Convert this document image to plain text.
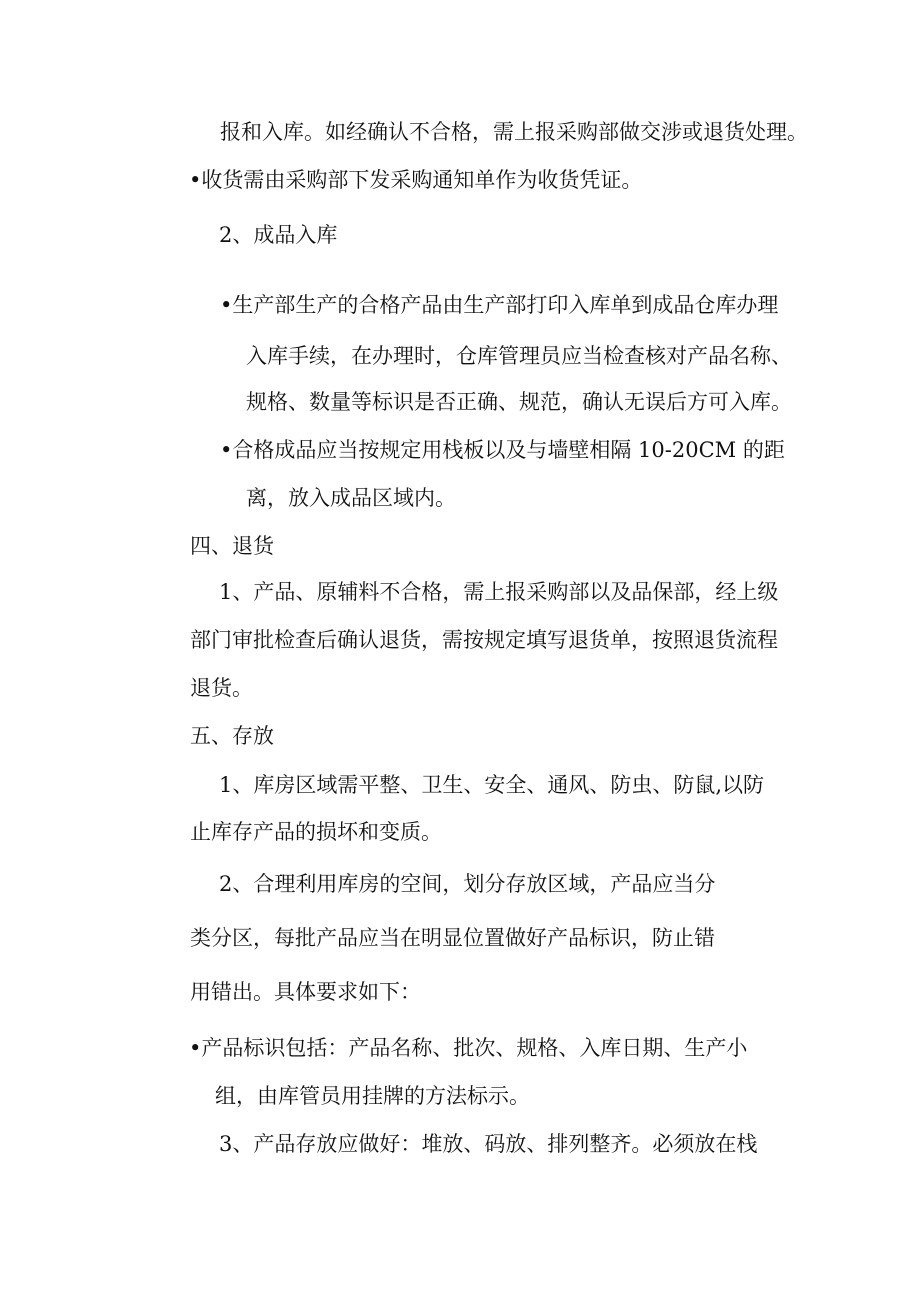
报和入库。如经确认不合格，需上报采购部做交涉或退货处理。

•收货需由采购部下发采购通知单作为收货凭证。

2、成品入库

•生产部生产的合格产品由生产部打印入库单到成品仓库办理

入库手续，在办理时，仓库管理员应当检查核对产品名称、

规格、数量等标识是否正确、规范，确认无误后方可入库。

•合格成品应当按规定用栈板以及与墙壁相隔 10-20CM 的距

离，放入成品区域内。

四、退货

1、产品、原辅料不合格，需上报采购部以及品保部，经上级

部门审批检查后确认退货，需按规定填写退货单，按照退货流程

退货。

五、存放

1、库房区域需平整、卫生、安全、通风、防虫、防鼠,以防

止库存产品的损坏和变质。

2、合理利用库房的空间，划分存放区域，产品应当分

类分区，每批产品应当在明显位置做好产品标识，防止错

用错出。具体要求如下：

•产品标识包括：产品名称、批次、规格、入库日期、生产小

组，由库管员用挂牌的方法标示。

3、产品存放应做好：堆放、码放、排列整齐。必须放在栈
